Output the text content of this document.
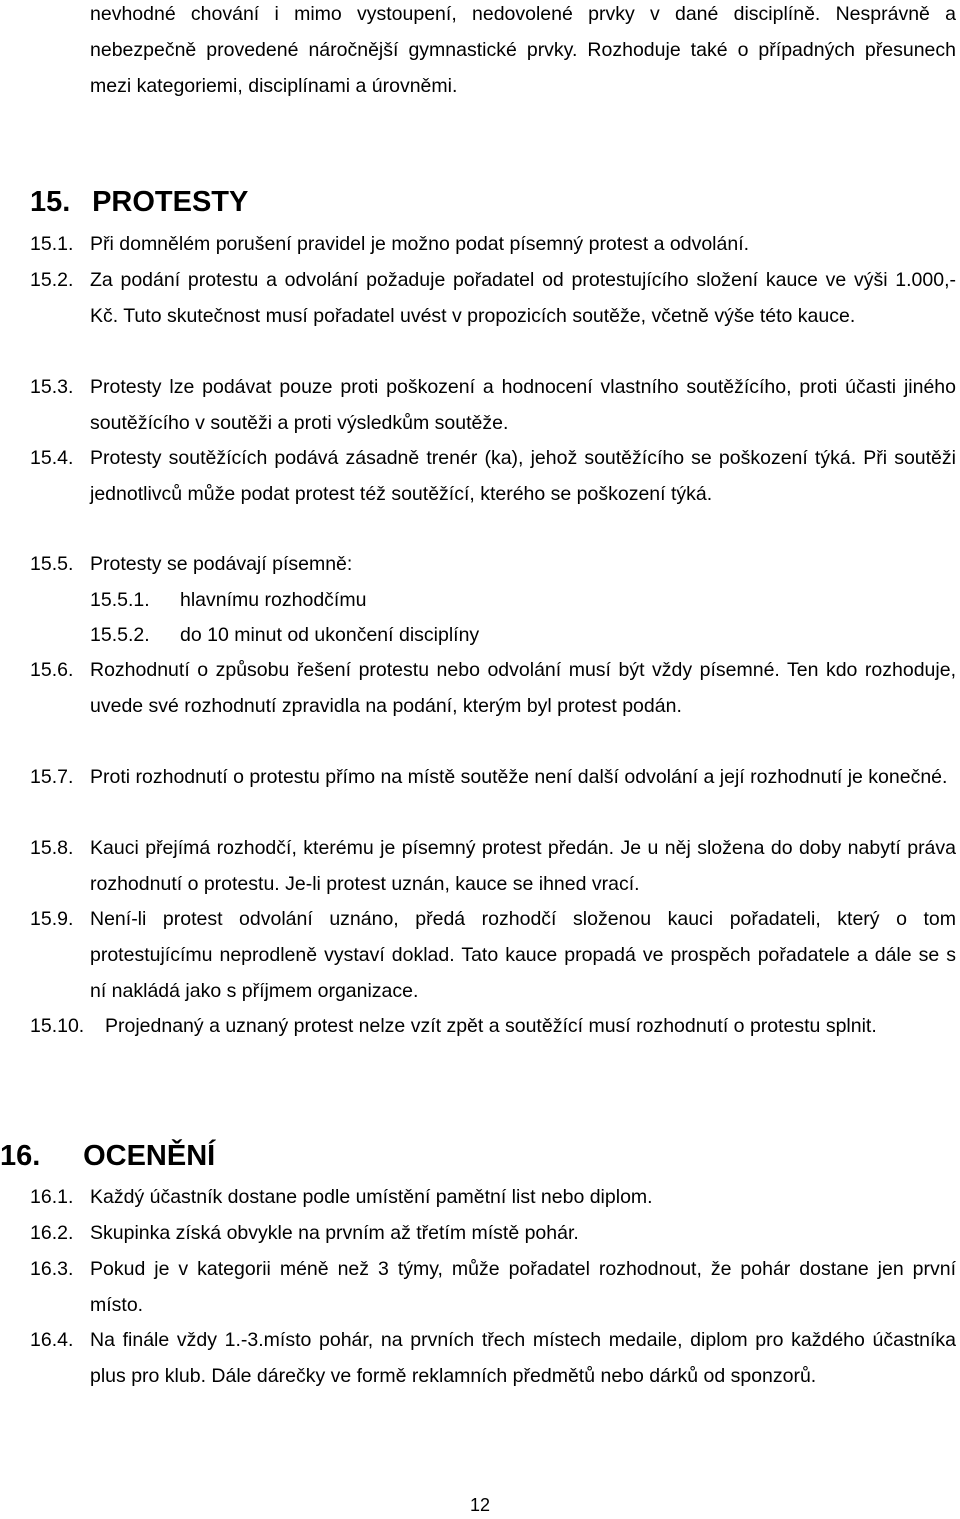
nevhodné chování i mimo vystoupení, nedovolené prvky v dané disciplíně. Nesprávně a nebezpečně provedené náročnější gymnastické prvky. Rozhoduje také o případných přesunech mezi kategoriemi, disciplínami a úrovněmi.

15. PROTESTY
15.1. Při domnělém porušení pravidel je možno podat písemný protest a odvolání.
15.2. Za podání protestu a odvolání požaduje pořadatel od protestujícího složení kauce ve výši 1.000,- Kč. Tuto skutečnost musí pořadatel uvést v propozicích soutěže, včetně výše této kauce.
15.3. Protesty lze podávat pouze proti poškození a hodnocení vlastního soutěžícího, proti účasti jiného soutěžícího v soutěži a proti výsledkům soutěže.
15.4. Protesty soutěžících podává zásadně trenér (ka), jehož soutěžícího se poškození týká. Při soutěži jednotlivců může podat protest též soutěžící, kterého se poškození týká.
15.5. Protesty se podávají písemně:
15.5.1. hlavnímu rozhodčímu
15.5.2. do 10 minut od ukončení disciplíny
15.6. Rozhodnutí o způsobu řešení protestu nebo odvolání musí být vždy písemné. Ten kdo rozhoduje, uvede své rozhodnutí zpravidla na podání, kterým byl protest podán.
15.7. Proti rozhodnutí o protestu přímo na místě soutěže není další odvolání a její rozhodnutí je konečné.
15.8. Kauci přejímá rozhodčí, kterému je písemný protest předán. Je u něj složena do doby nabytí práva rozhodnutí o protestu. Je-li protest uznán, kauce se ihned vrací.
15.9. Není-li protest odvolání uznáno, předá rozhodčí složenou kauci pořadateli, který o tom protestujícímu neprodleně vystaví doklad. Tato kauce propadá ve prospěch pořadatele a dále se s ní nakládá jako s příjmem organizace.
15.10. Projednaný a uznaný protest nelze vzít zpět a soutěžící musí rozhodnutí o protestu splnit.
16. OCENĚNÍ
16.1. Každý účastník dostane podle umístění pamětní list nebo diplom.
16.2. Skupinka získá obvykle na prvním až třetím místě pohár.
16.3. Pokud je v kategorii méně než 3 týmy, může pořadatel rozhodnout, že pohár dostane jen první místo.
16.4. Na finále vždy 1.-3.místo pohár, na prvních třech místech medaile, diplom pro každého účastníka plus pro klub. Dále dárečky ve formě reklamních předmětů nebo dárků od sponzorů.
12
